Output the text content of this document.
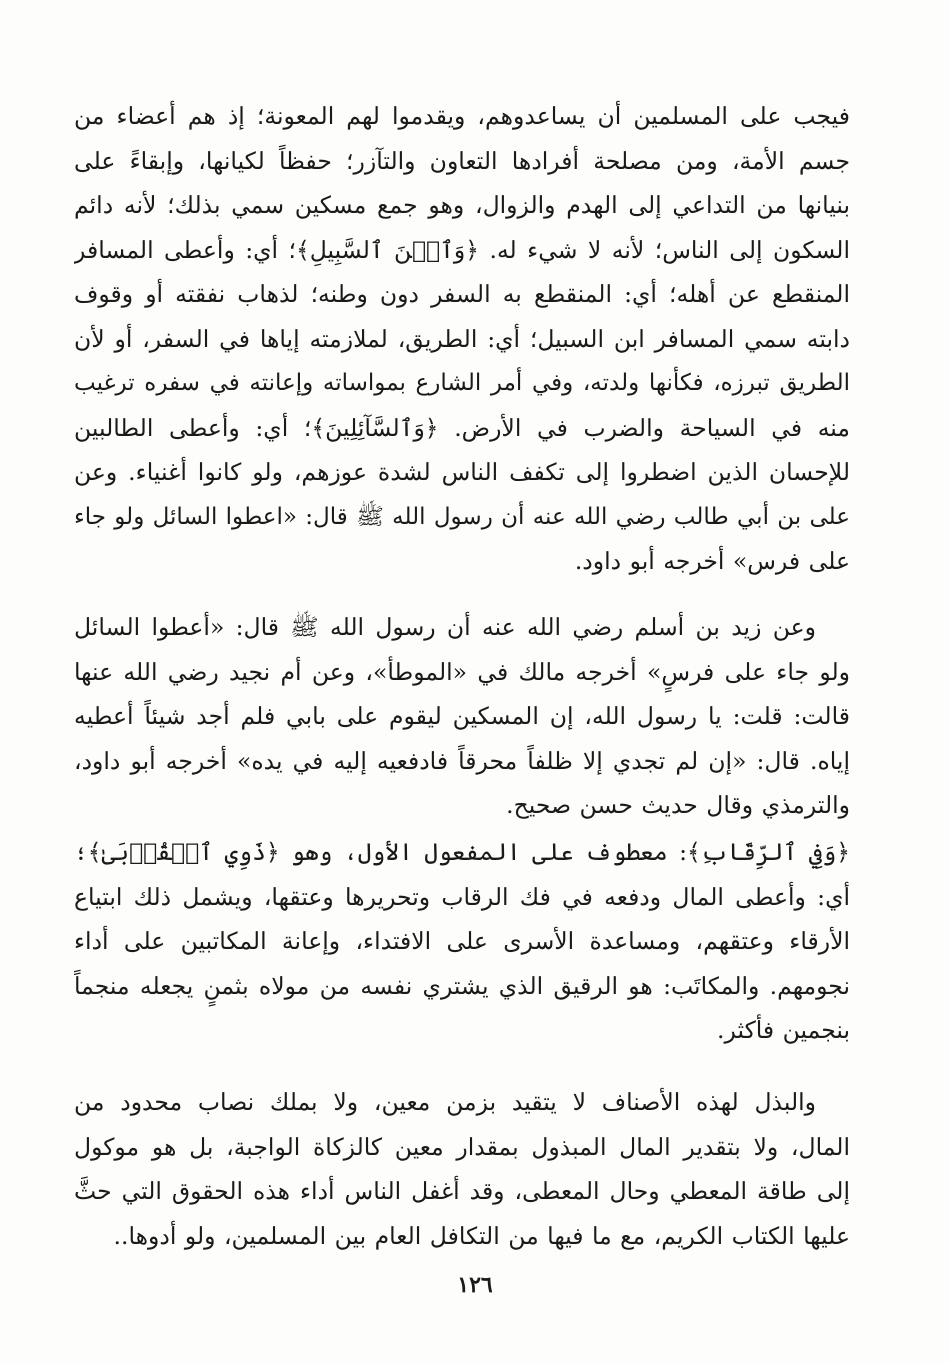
فيجب على المسلمين أن يساعدوهم، ويقدموا لهم المعونة؛ إذ هم أعضاء من
جسم الأمة، ومن مصلحة أفرادها التعاون والتآزر؛ حفظاً لكيانها، وإبقاءً على
بنيانها من التداعي إلى الهدم والزوال، وهو جمع مسكين سمي بذلك؛ لأنه دائم
السكون إلى الناس؛ لأنه لا شيء له. ﴿وَٱبۡنَ ٱلسَّبِيلِ﴾؛ أي: وأعطى المسافر
المنقطع عن أهله؛ أي: المنقطع به السفر دون وطنه؛ لذهاب نفقته أو وقوف
دابته سمي المسافر ابن السبيل؛ أي: الطريق، لملازمته إياها في السفر، أو لأن
الطريق تبرزه، فكأنها ولدته، وفي أمر الشارع بمواساته وإعانته في سفره ترغيب
منه في السياحة والضرب في الأرض. ﴿وَٱلسَّآئِلِينَ﴾؛ أي: وأعطى الطالبين
للإحسان الذين اضطروا إلى تكفف الناس لشدة عوزهم، ولو كانوا أغنياء. وعن
على بن أبي طالب رضي الله عنه أن رسول الله ﷺ قال: «اعطوا السائل ولو جاء
على فرس» أخرجه أبو داود.
وعن زيد بن أسلم رضي الله عنه أن رسول الله ﷺ قال: «أعطوا السائل
ولو جاء على فرسٍ» أخرجه مالك في «الموطأ»، وعن أم نجيد رضي الله عنها
قالت: قلت: يا رسول الله، إن المسكين ليقوم على بابي فلم أجد شيئاً أعطيه
إياه. قال: «إن لم تجدي إلا ظلفاً محرقاً فادفعيه إليه في يده» أخرجه أبو داود،
والترمذي وقال حديث حسن صحيح.
﴿وَفِي ٱلرِّقَابِ﴾: معطوف على المفعول الأول، وهو ﴿ذَوِي ٱلۡقُرۡبَىٰ﴾؛
أي: وأعطى المال ودفعه في فك الرقاب وتحريرها وعتقها، ويشمل ذلك ابتياع
الأرقاء وعتقهم، ومساعدة الأسرى على الافتداء، وإعانة المكاتبين على أداء
نجومهم. والمكاتَب: هو الرقيق الذي يشتري نفسه من مولاه بثمنٍ يجعله منجماً
بنجمين فأكثر.
والبذل لهذه الأصناف لا يتقيد بزمن معين، ولا بملك نصاب محدود من
المال، ولا بتقدير المال المبذول بمقدار معين كالزكاة الواجبة، بل هو موكول
إلى طاقة المعطي وحال المعطى، وقد أغفل الناس أداء هذه الحقوق التي حثَّ
عليها الكتاب الكريم، مع ما فيها من التكافل العام بين المسلمين، ولو أدوها..
١٢٦
